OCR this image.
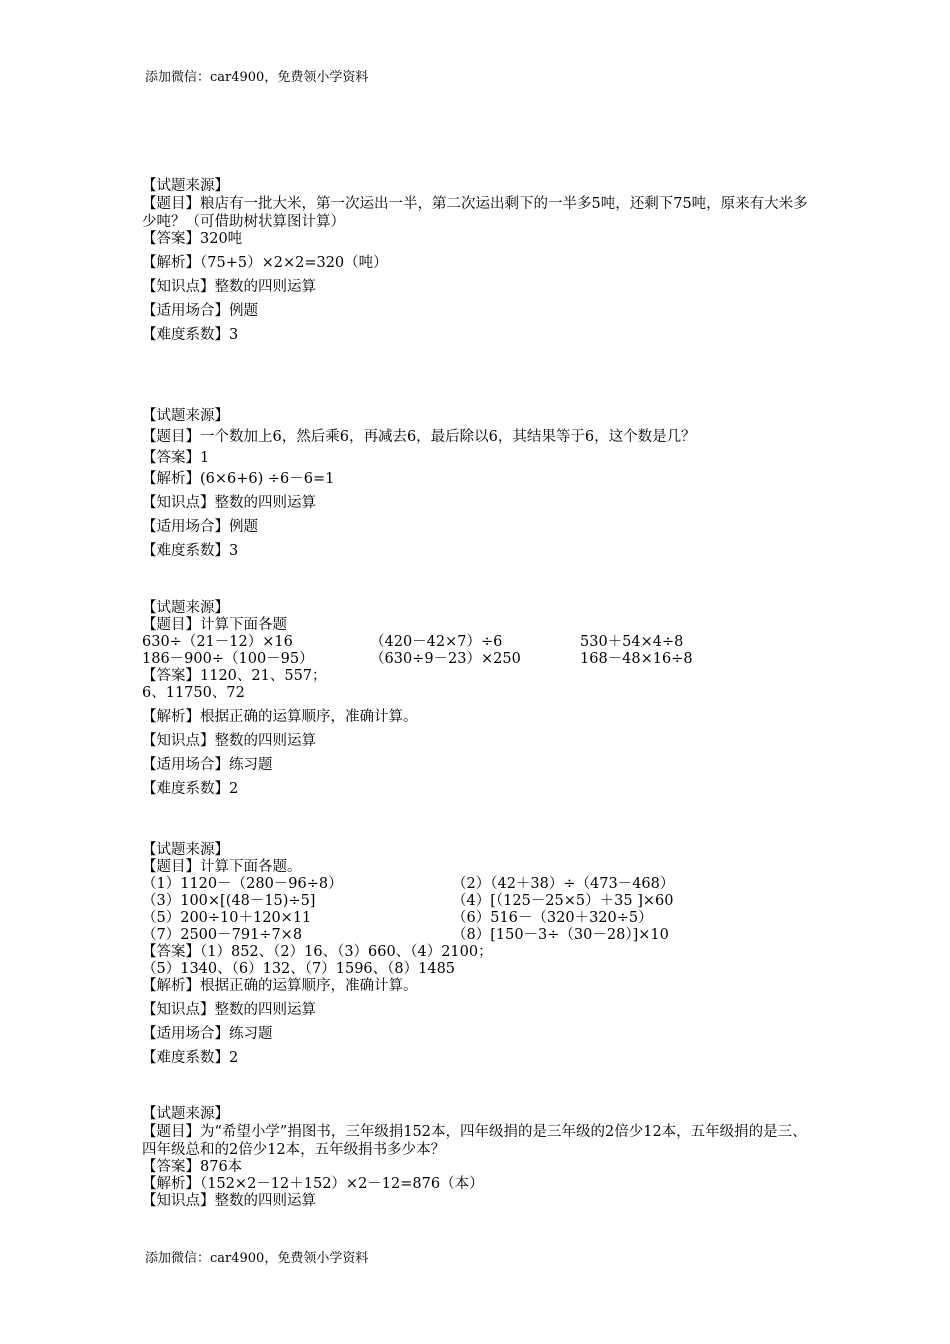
添加微信：car4900，免费领小学资料
【试题来源】
【题目】粮店有一批大米，第一次运出一半，第二次运出剩下的一半多5吨，还剩下75吨，原来有大米多少吨？（可借助树状算图计算）
【答案】320吨
【解析】（75+5）×2×2=320（吨）
【知识点】整数的四则运算
【适用场合】例题
【难度系数】3
【试题来源】
【题目】一个数加上6，然后乘6，再减去6，最后除以6，其结果等于6，这个数是几？
【答案】1
【解析】(6×6+6) ÷6－6=1
【知识点】整数的四则运算
【适用场合】例题
【难度系数】3
【试题来源】
【题目】计算下面各题
630÷（21－12）×16	（420－42×7）÷6	530＋54×4÷8
186－900÷（100－95）	（630÷9－23）×250	168－48×16÷8
【答案】1120、21、557；
6、11750、72
【解析】根据正确的运算顺序，准确计算。
【知识点】整数的四则运算
【适用场合】练习题
【难度系数】2
【试题来源】
【题目】计算下面各题。
（1）1120－（280－96÷8）	（2）（42＋38）÷（473－468）
（3）100×[(48－15)÷5]	（4）[（125－25×5）＋35 ]×60
（5）200÷10＋120×11	（6）516－（320＋320÷5）
（7）2500－791÷7×8	（8）[150－3÷（30－28）]×10
【答案】（1）852、（2）16、（3）660、（4）2100；
（5）1340、（6）132、（7）1596、（8）1485
【解析】根据正确的运算顺序，准确计算。
【知识点】整数的四则运算
【适用场合】练习题
【难度系数】2
【试题来源】
【题目】为“希望小学”捐图书，三年级捐152本，四年级捐的是三年级的2倍少12本，五年级捐的是三、四年级总和的2倍少12本，五年级捐书多少本？
【答案】876本
【解析】（152×2－12＋152）×2－12=876（本）
【知识点】整数的四则运算
添加微信：car4900，免费领小学资料
